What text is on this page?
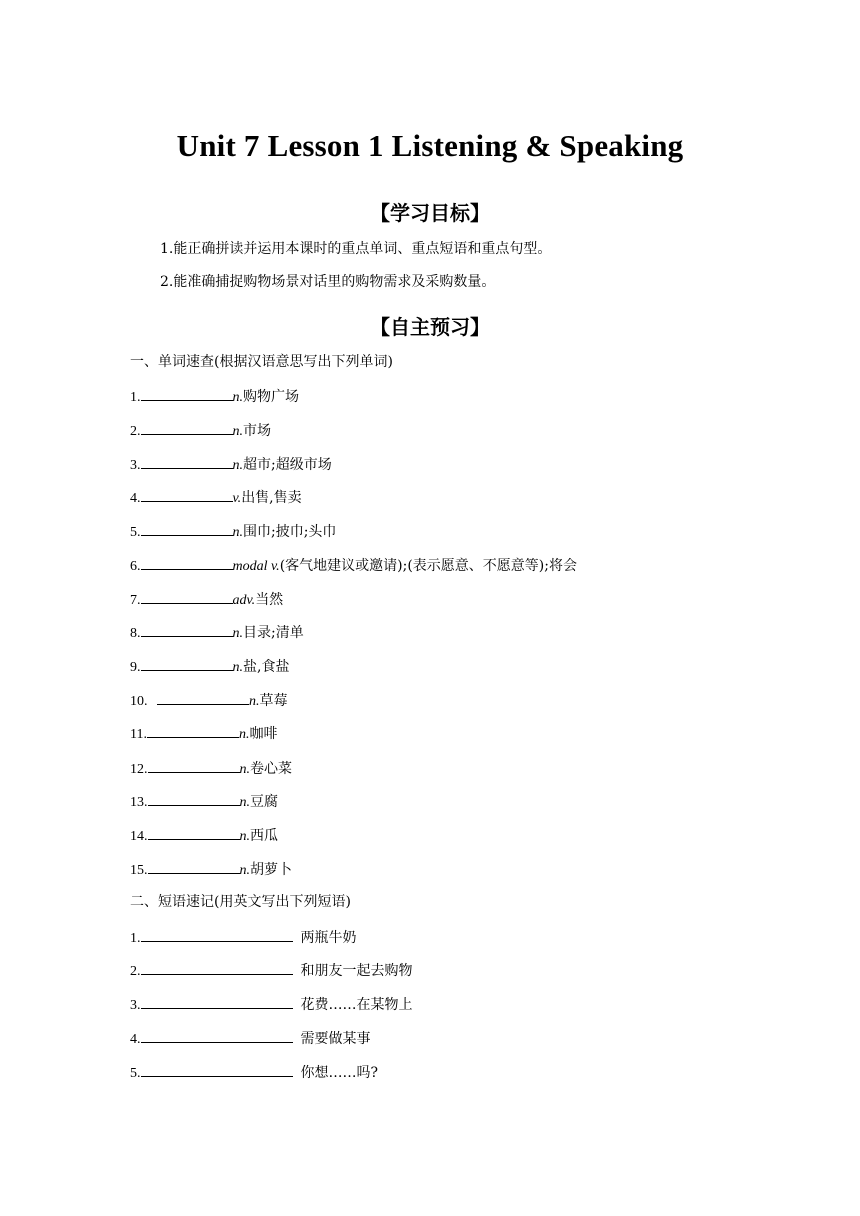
Unit 7 Lesson 1 Listening & Speaking
【学习目标】
1.能正确拼读并运用本课时的重点单词、重点短语和重点句型。
2.能准确捕捉购物场景对话里的购物需求及采购数量。
【自主预习】
一、单词速查(根据汉语意思写出下列单词)
1.	n.购物广场
2.	n.市场
3.	n.超市;超级市场
4.	v.出售,售卖
5.	n.围巾;披巾;头巾
6.	modal v.(客气地建议或邀请);(表示愿意、不愿意等);将会
7.	adv.当然
8.	n.目录;清单
9.	n.盐,食盐
10.	n.草莓
11.	n.咖啡
12.	n.卷心菜
13.	n.豆腐
14.	n.西瓜
15.	n.胡萝卜
二、短语速记(用英文写出下列短语)
1.	两瓶牛奶
2.	和朋友一起去购物
3.	花费……在某物上
4.	需要做某事
5.	你想……吗?
